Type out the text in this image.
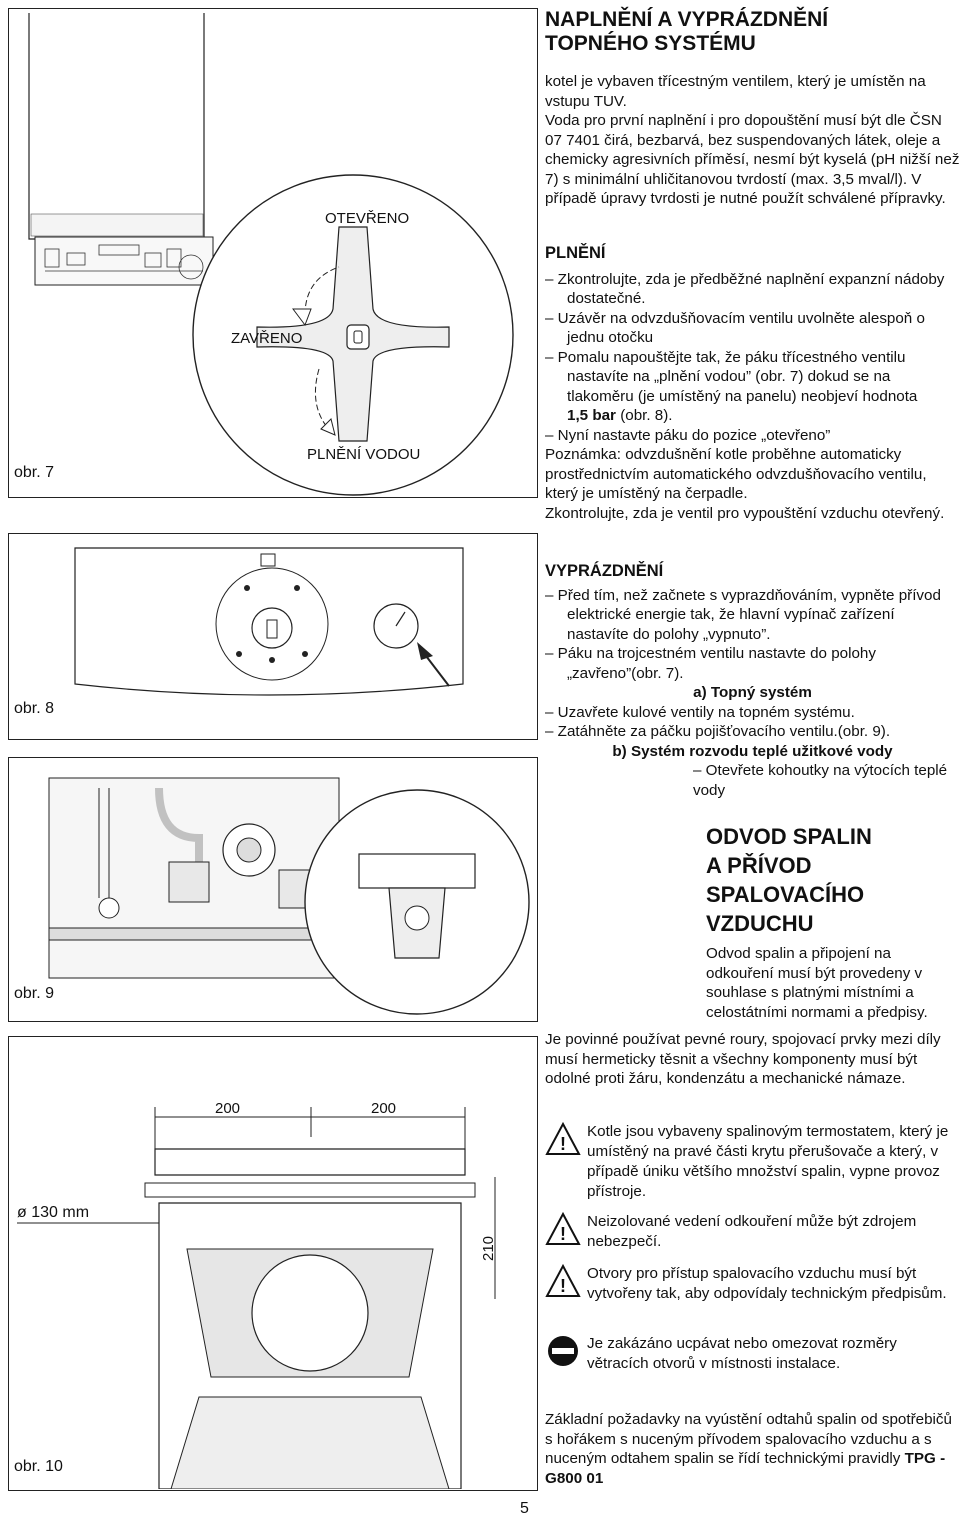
OTEVŘENO
ZAVŘENO
PLNĚNÍ VODOU
obr. 7
obr. 8
obr. 9
200	200
210
ø 130 mm
obr. 10
NAPLNĚNÍ A VYPRÁZDNĚNÍ
TOPNÉHO SYSTÉMU

kotel je vybaven třícestným ventilem, který je umístěn na vstupu TUV.

Voda pro první naplnění i pro dopouštění musí být dle ČSN 07 7401 čirá, bezbarvá, bez suspendovaných látek, oleje a chemicky agresivních příměsí, nesmí být kyselá (pH nižší než 7) s minimální uhličitanovou tvrdostí (max. 3,5 mval/l). V případě úpravy tvrdosti je nutné použít schválené přípravky.

PLNĚNÍ

– Zkontrolujte, zda je předběžné naplnění expanzní nádoby dostatečné.

– Uzávěr na odvzdušňovacím ventilu uvolněte alespoň o jednu otočku

– Pomalu napouštějte tak, že páku třícestného ventilu nastavíte na „plnění vodou” (obr. 7) dokud se na tlakoměru (je umístěný na panelu) neobjeví hodnota

1,5 bar (obr. 8).

– Nyní nastavte páku do pozice „otevřeno”

Poznámka: odvzdušnění kotle proběhne automaticky prostřednictvím automatického odvzdušňovacího ventilu, který je umístěný na čerpadle.

Zkontrolujte, zda je ventil pro vypouštění vzduchu otevřený.

VYPRÁZDNĚNÍ

– Před tím, než začnete s vyprazdňováním, vypněte přívod elektrické energie tak, že hlavní vypínač zařízení nastavíte do polohy „vypnuto”.

– Páku na trojcestném ventilu nastavte do polohy „zavřeno”(obr. 7).

a) Topný systém

– Uzavřete kulové ventily na topném systému.

– Zatáhněte za páčku pojišťovacího ventilu.(obr. 9).

b) Systém rozvodu teplé užitkové vody

– Otevřete kohoutky na výtocích teplé vody

ODVOD SPALIN
A PŘÍVOD
SPALOVACÍHO
VZDUCHU

Odvod spalin a připojení na odkouření musí být provedeny v souhlase s platnými místními a celostátními normami a předpisy.

Je povinné používat pevné roury, spojovací prvky mezi díly musí hermeticky těsnit a všechny komponenty musí být odolné proti žáru, kondenzátu a mechanické námaze.

!

Kotle jsou vybaveny spalinovým termostatem, který je umístěný na pravé části krytu přerušovače a který, v případě úniku většího množství spalin, vypne provoz přístroje.

!

Neizolované vedení odkouření může být zdrojem nebezpečí.

!

Otvory pro přístup spalovacího vzduchu musí být vytvořeny tak, aby odpovídaly technickým předpisům.

Je zakázáno ucpávat nebo omezovat rozměry větracích otvorů v místnosti instalace.

Základní požadavky na vyústění odtahů spalin od spotřebičů s hořákem s nuceným přívodem spalovacího vzduchu a s nuceným odtahem spalin se řídí technickými pravidly TPG - G800 01

5
